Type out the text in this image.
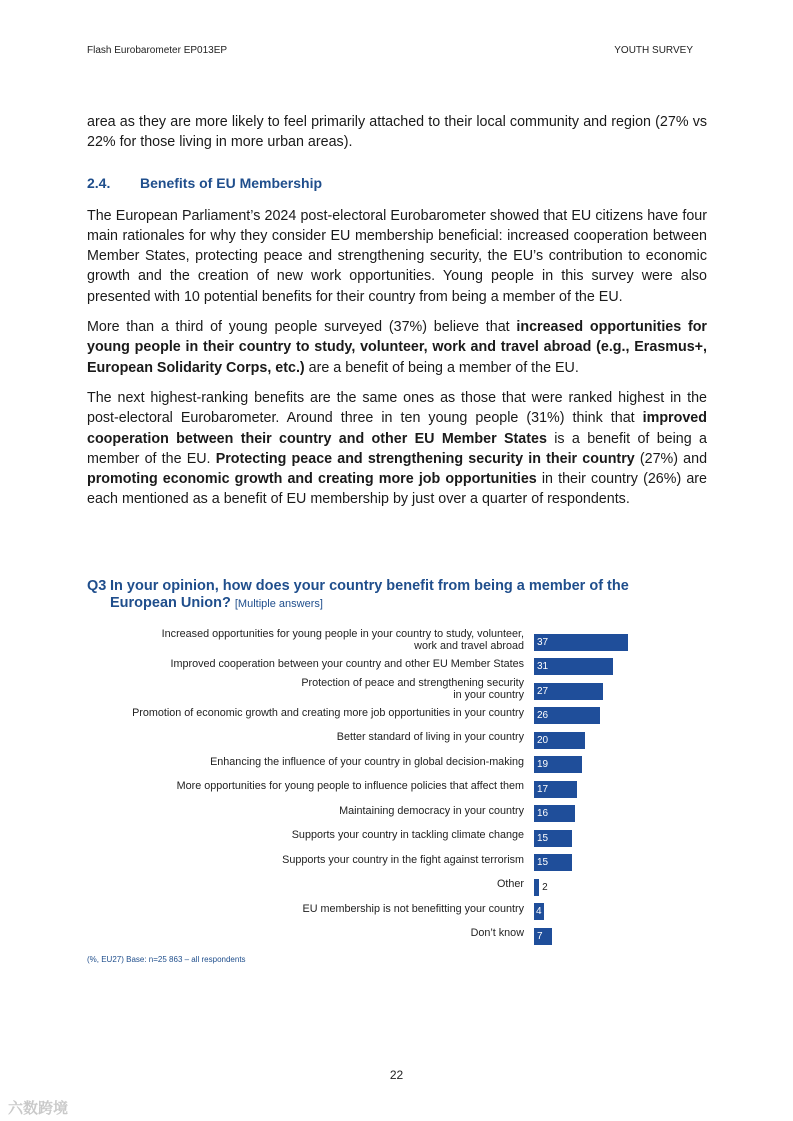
Flash Eurobarometer EP013EP	YOUTH SURVEY

area as they are more likely to feel primarily attached to their local community and region (27% vs 22% for those living in more urban areas).

2.4. Benefits of EU Membership

The European Parliament’s 2024 post-electoral Eurobarometer showed that EU citizens have four main rationales for why they consider EU membership beneficial: increased cooperation between Member States, protecting peace and strengthening security, the EU’s contribution to economic growth and the creation of new work opportunities. Young people in this survey were also presented with 10 potential benefits for their country from being a member of the EU.

More than a third of young people surveyed (37%) believe that increased opportunities for young people in their country to study, volunteer, work and travel abroad (e.g., Erasmus+, European Solidarity Corps, etc.) are a benefit of being a member of the EU.

The next highest-ranking benefits are the same ones as those that were ranked highest in the post-electoral Eurobarometer. Around three in ten young people (31%) think that improved cooperation between their country and other EU Member States is a benefit of being a member of the EU. Protecting peace and strengthening security in their country (27%) and promoting economic growth and creating more job opportunities in their country (26%) are each mentioned as a benefit of EU membership by just over a quarter of respondents.

Q3 In your opinion, how does your country benefit from being a member of the
European Union? [Multiple answers]
Increased opportunities for young people in your country to study, volunteer,
work and travel abroad 37
Improved cooperation between your country and other EU Member States 31
Protection of peace and strengthening security
in your country 27
Promotion of economic growth and creating more job opportunities in your country 26
Better standard of living in your country 20
Enhancing the influence of your country in global decision-making 19
More opportunities for young people to influence policies that affect them 17
Maintaining democracy in your country 16
Supports your country in tackling climate change 15
Supports your country in the fight against terrorism 15
Other 2
EU membership is not benefitting your country 4
Don’t know 7
(%, EU27) Base: n=25 863 – all respondents
22
六数跨境
